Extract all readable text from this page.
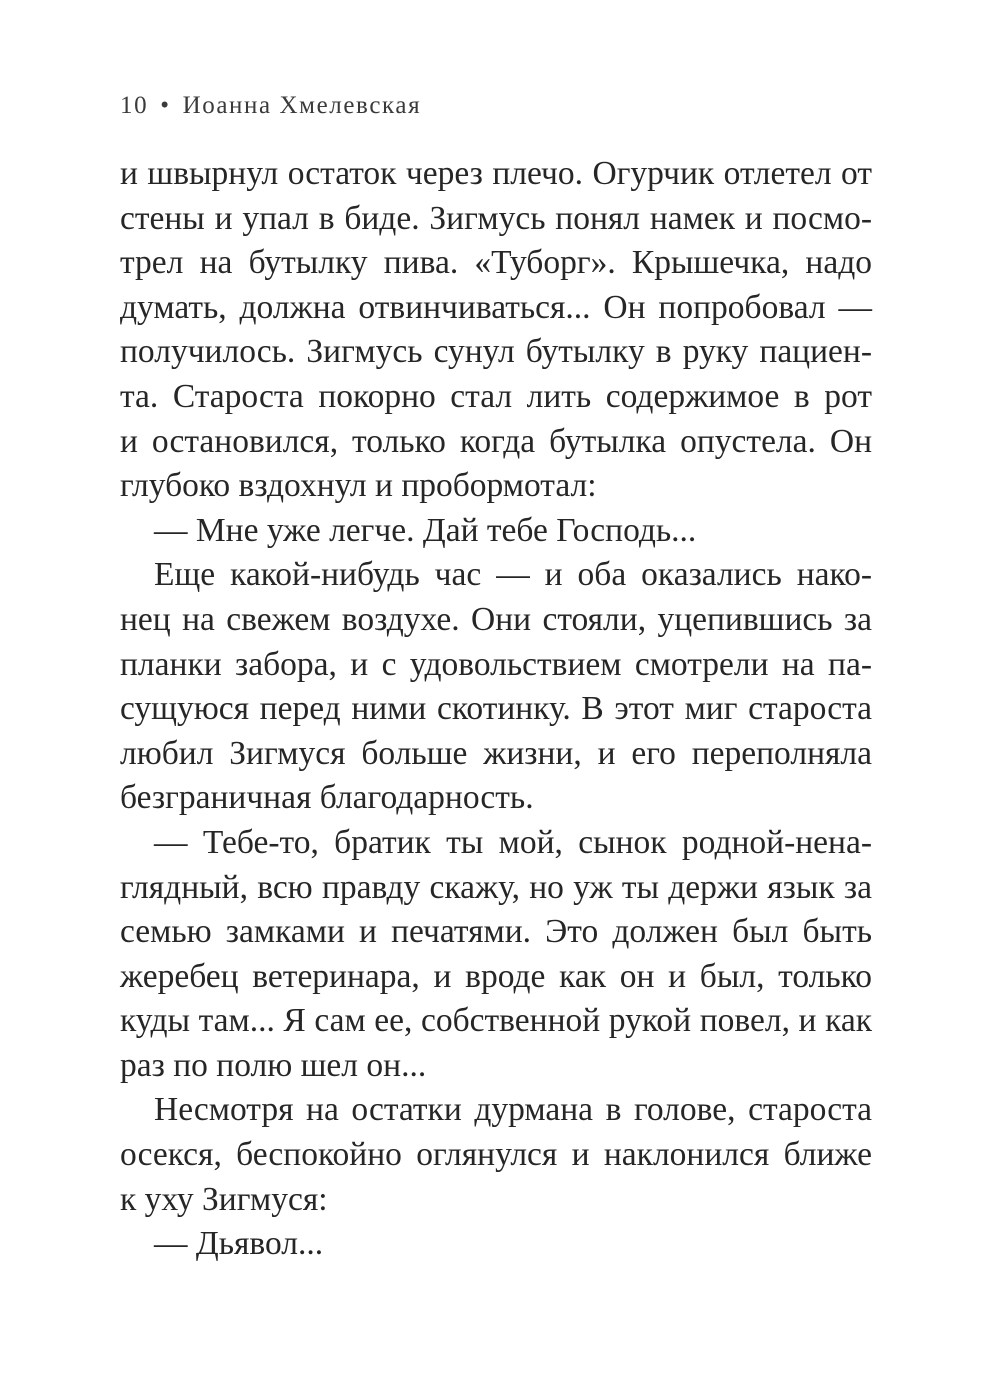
10 • Иоанна Хмелевская
и швырнул остаток через плечо. Огурчик отлетел от
стены и упал в биде. Зигмусь понял намек и посмо-
трел на бутылку пива. «Туборг». Крышечка, надо
думать, должна отвинчиваться... Он попробовал —
получилось. Зигмусь сунул бутылку в руку пациен-
та. Староста покорно стал лить содержимое в рот
и остановился, только когда бутылка опустела. Он
глубоко вздохнул и пробормотал:
— Мне уже легче. Дай тебе Господь...
Еще какой-нибудь час — и оба оказались нако-
нец на свежем воздухе. Они стояли, уцепившись за
планки забора, и с удовольствием смотрели на па-
сущуюся перед ними скотинку. В этот миг староста
любил Зигмуся больше жизни, и его переполняла
безграничная благодарность.
— Тебе-то, братик ты мой, сынок родной-нена-
глядный, всю правду скажу, но уж ты держи язык за
семью замками и печатями. Это должен был быть
жеребец ветеринара, и вроде как он и был, только
куды там... Я сам ее, собственной рукой повел, и как
раз по полю шел он...
Несмотря на остатки дурмана в голове, староста
осекся, беспокойно оглянулся и наклонился ближе
к уху Зигмуся:
— Дьявол...
